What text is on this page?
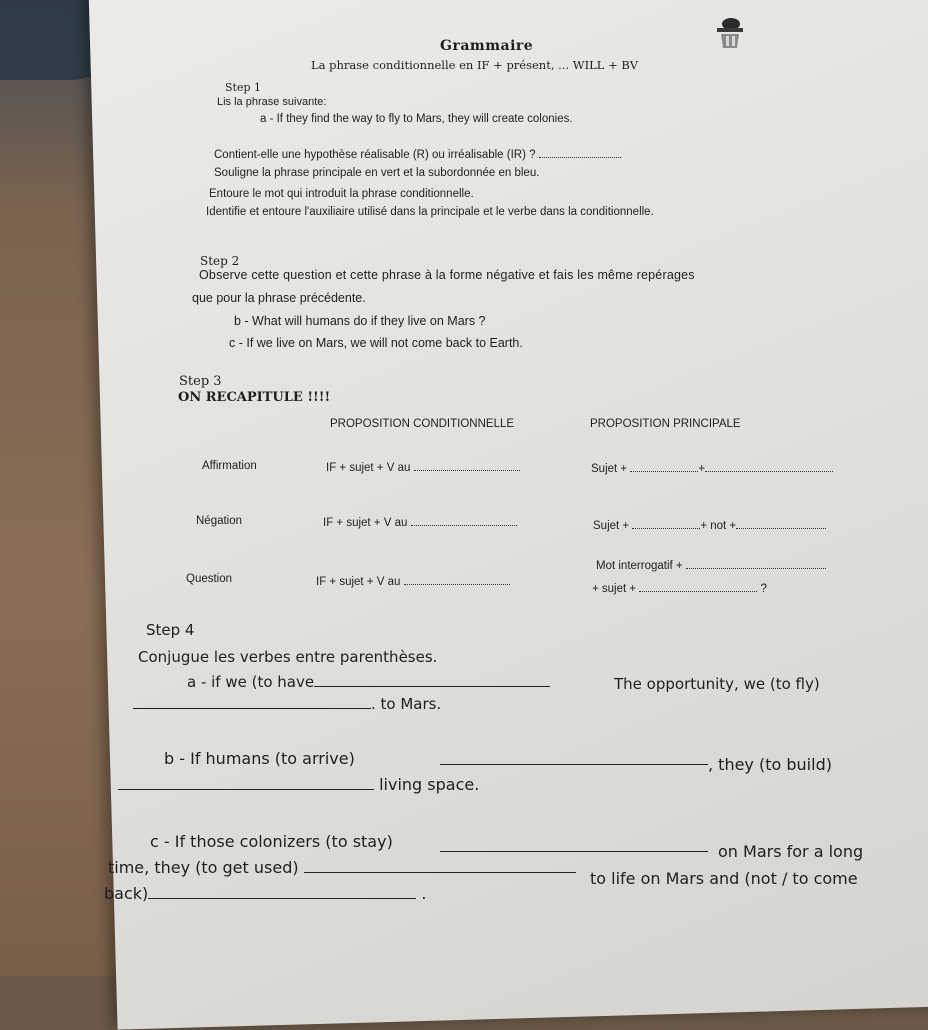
Grammaire
La phrase conditionnelle en IF + présent, ... WILL + BV
Step 1
Lis la phrase suivante:
a - If they find the way to fly to Mars, they will create colonies.
Contient-elle une hypothèse réalisable (R) ou irréalisable (IR) ?
Souligne la phrase principale en vert et la subordonnée en bleu.
Entoure le mot qui introduit la phrase conditionnelle.
Identifie et entoure l'auxiliaire utilisé dans la principale et le verbe dans la conditionnelle.
Step 2
Observe cette question et cette phrase à la forme négative et fais les même repérages
que pour la phrase précédente.
b - What will humans do if they live on Mars ?
c - If we live on Mars, we will not come back to Earth.
Step 3
ON RECAPITULE !!!!
PROPOSITION CONDITIONNELLE	PROPOSITION PRINCIPALE
Affirmation	IF + sujet + V au	Sujet +	+
Négation	IF + sujet + V au	Sujet +	+ not +
Question	IF + sujet + V au
Mot interrogatif +
+ sujet +	?
Step 4
Conjugue les verbes entre parenthèses.
a - if we (to have	The opportunity, we (to fly)
. to Mars.
b - If humans (to arrive)	, they (to build)
living space.
c - If those colonizers (to stay)
on Mars for a long
time, they (to get used)
to life on Mars and (not / to come
back)	.
